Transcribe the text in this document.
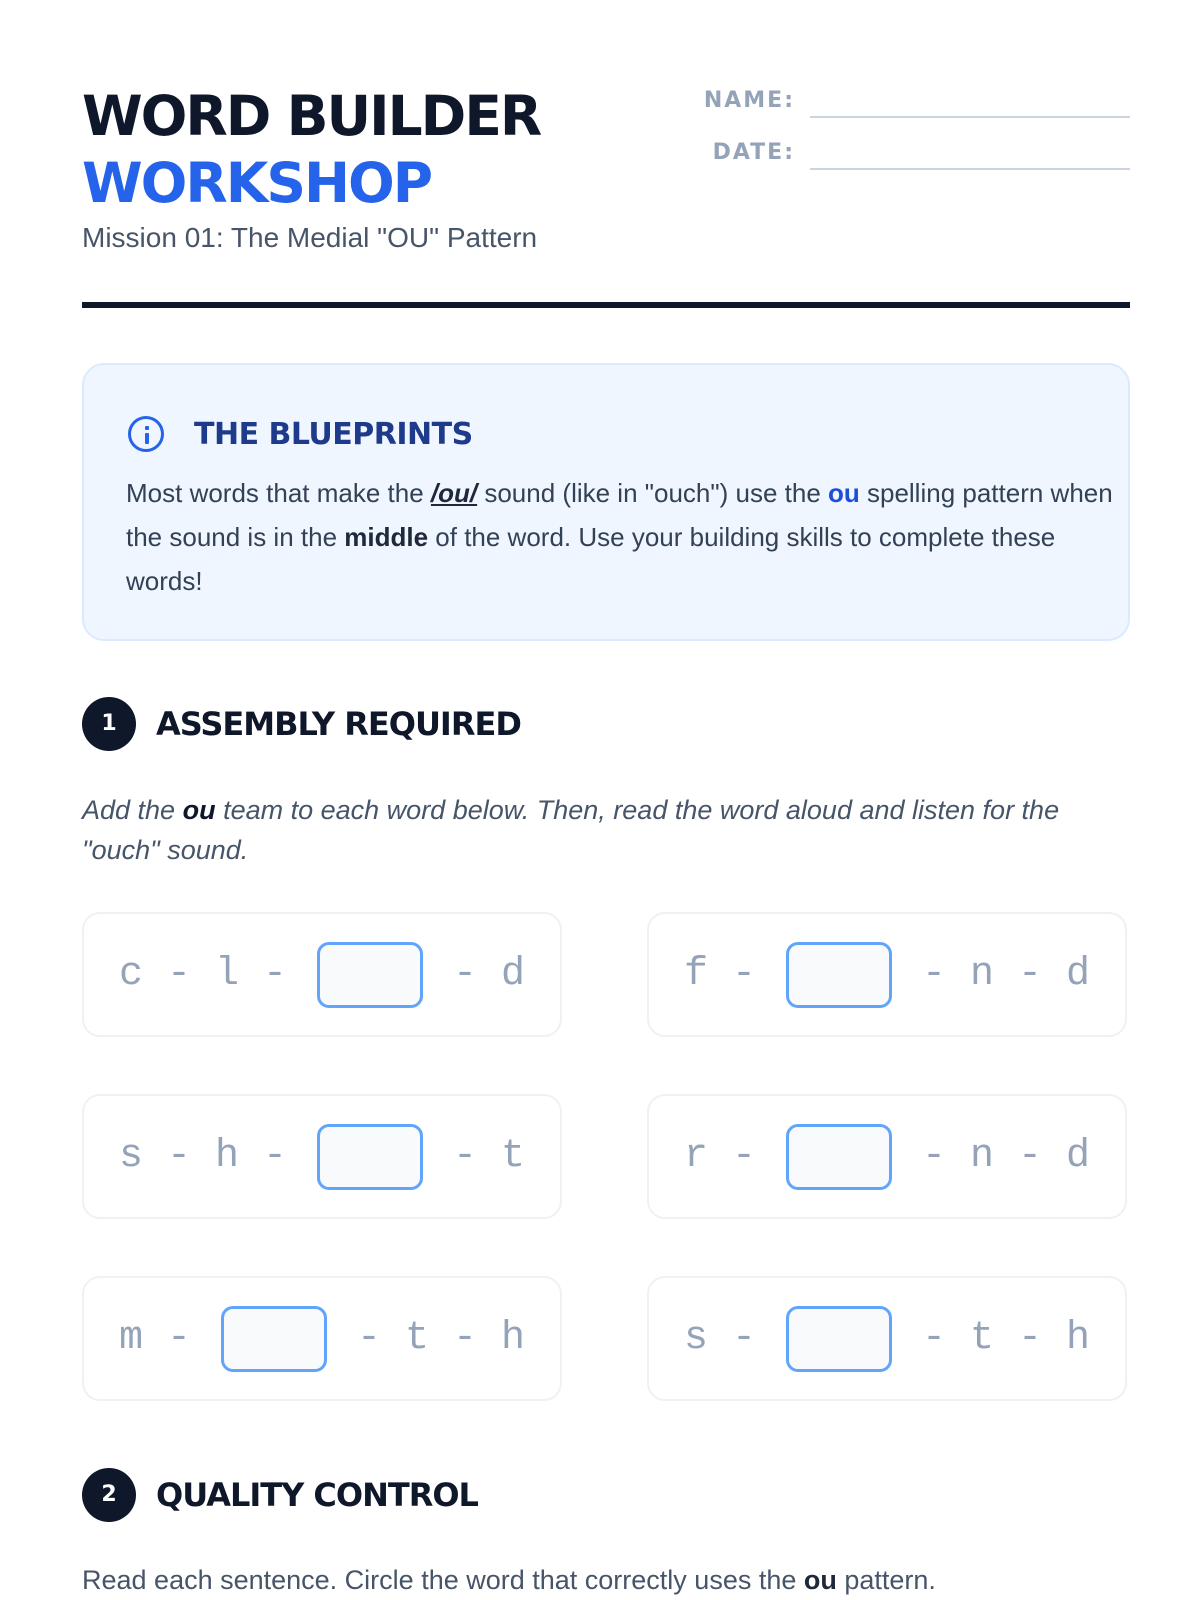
WORD BUILDER
WORKSHOP
Mission 01: The Medial "OU" Pattern
NAME:
DATE:
THE BLUEPRINTS

Most words that make the /ou/ sound (like in "ouch") use the ou spelling pattern when the sound is in the middle of the word. Use your building skills to complete these words!

1	ASSEMBLY REQUIRED

Add the ou team to each word below. Then, read the word aloud and listen for the "ouch" sound.

c - l -	- d	f -	- n - d
s - h -	- t	r -	- n - d
m -	- t - h	s -	- t - h
2	QUALITY CONTROL

Read each sentence. Circle the word that correctly uses the ou pattern.
